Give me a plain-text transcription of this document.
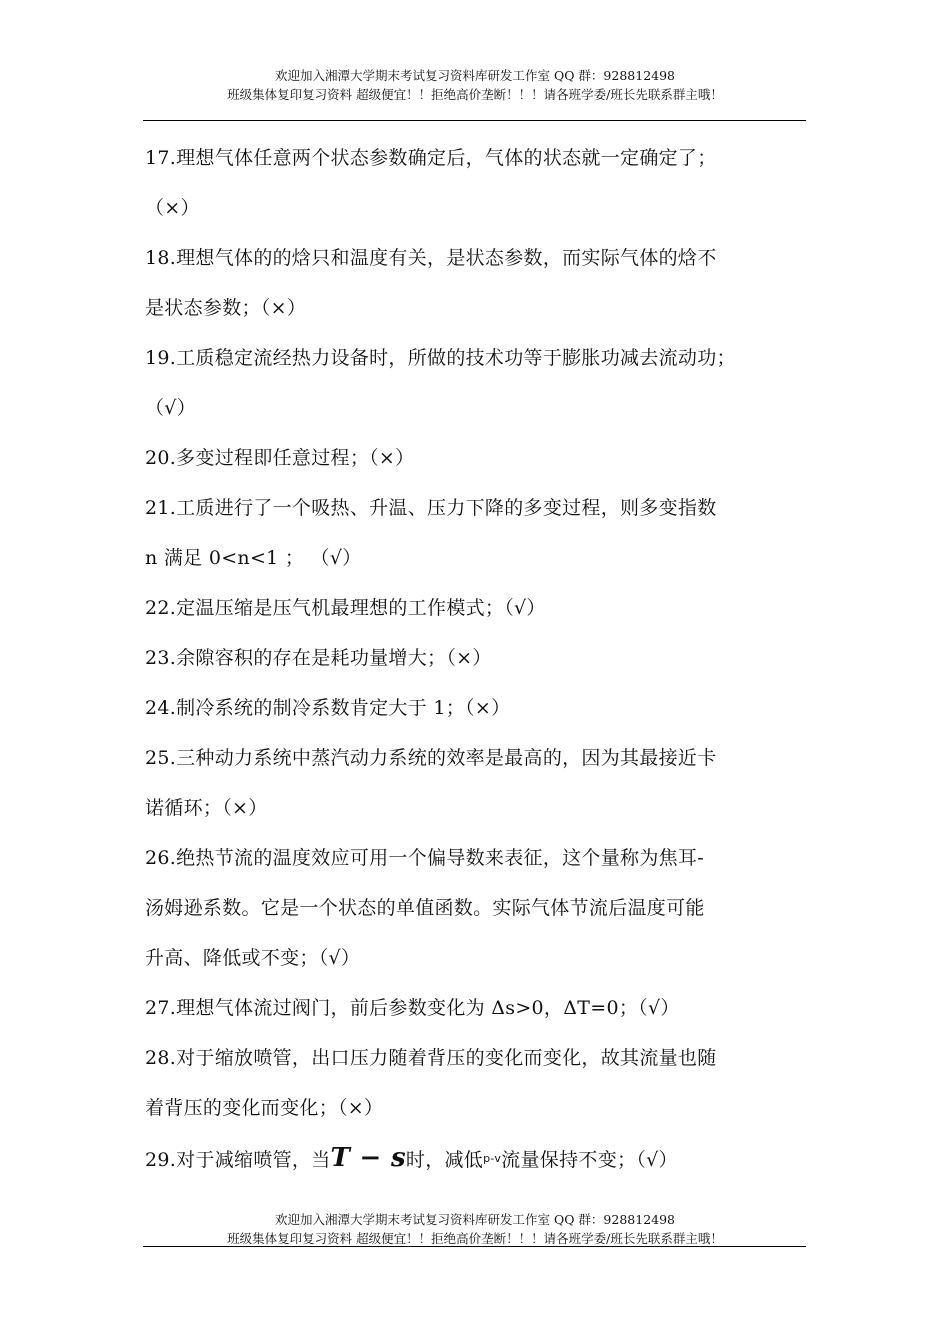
欢迎加入湘潭大学期末考试复习资料库研发工作室 QQ 群：928812498
班级集体复印复习资料 超级便宜！！拒绝高价垄断！！！请各班学委/班长先联系群主哦！
17.理想气体任意两个状态参数确定后，气体的状态就一定确定了；
（×）
18.理想气体的的焓只和温度有关，是状态参数，而实际气体的焓不
是状态参数；（×）
19.工质稳定流经热力设备时，所做的技术功等于膨胀功减去流动功；
（√）
20.多变过程即任意过程；（×）
21.工质进行了一个吸热、升温、压力下降的多变过程，则多变指数
n 满足 0<n<1 ； （√）
22.定温压缩是压气机最理想的工作模式；（√）
23.余隙容积的存在是耗功量增大；（×）
24.制冷系统的制冷系数肯定大于 1；（×）
25.三种动力系统中蒸汽动力系统的效率是最高的，因为其最接近卡
诺循环；（×）
26.绝热节流的温度效应可用一个偏导数来表征，这个量称为焦耳-
汤姆逊系数。它是一个状态的单值函数。实际气体节流后温度可能
升高、降低或不变；（√）
27.理想气体流过阀门，前后参数变化为 Δs>0，ΔT=0；（√）
28.对于缩放喷管，出口压力随着背压的变化而变化，故其流量也随
着背压的变化而变化；（×）
29.对于减缩喷管，当T − s时，减低$^{p-v}$流量保持不变；（√）
欢迎加入湘潭大学期末考试复习资料库研发工作室 QQ 群：928812498
班级集体复印复习资料 超级便宜！！拒绝高价垄断！！！请各班学委/班长先联系群主哦！
